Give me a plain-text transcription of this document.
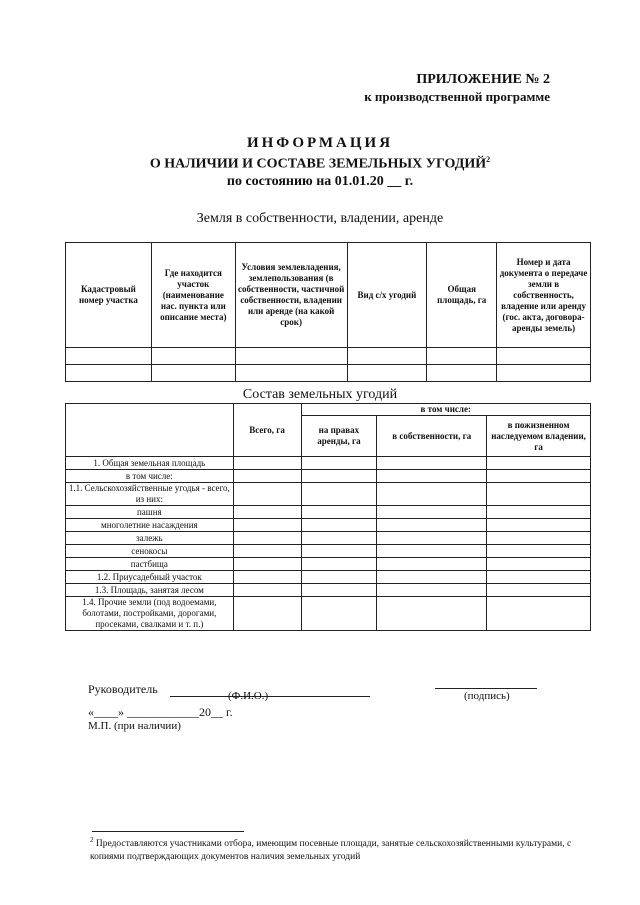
ПРИЛОЖЕНИЕ № 2
к производственной программе
ИНФОРМАЦИЯ
О НАЛИЧИИ И СОСТАВЕ ЗЕМЕЛЬНЫХ УГОДИЙ$^2$
по состоянию на 01.01.20 __ г.
Земля в собственности, владении, аренде
Кадастровый номер участка	Где находится участок (наименование нас. пункта или описание места)	Условия землевладения, землепользования (в собственности, частичной собственности, владении или аренде (на какой срок)	Вид с/х угодий	Общая площадь, га	Номер и дата документа о передаче земли в собственность, владение или аренду (гос. акта, договора-аренды земель)

Состав земельных угодий
	Всего, га	в том числе:		
		на правах аренды, га	в собственности, га	в пожизненном наследуемом владении, га
1. Общая земельная площадь				
в том числе:				
1.1. Сельскохозяйственные угодья - всего, из них:				
пашня				
многолетние насаждения				
залежь				
сенокосы				
пастбища				
1.2. Приусадебный участок				
1.3. Площадь, занятая лесом				
1.4. Прочие земли (под водоемами, болотами, постройками, дорогами, просеками, свалками и т. п.)				
Руководитель	(Ф.И.О.)	(подпись)
«____» ____________20__ г.
М.П. (при наличии)
$^2$ Предоставляются участниками отбора, имеющим посевные площади, занятые сельскохозяйственными культурами, с копиями подтверждающих документов наличия земельных угодий
